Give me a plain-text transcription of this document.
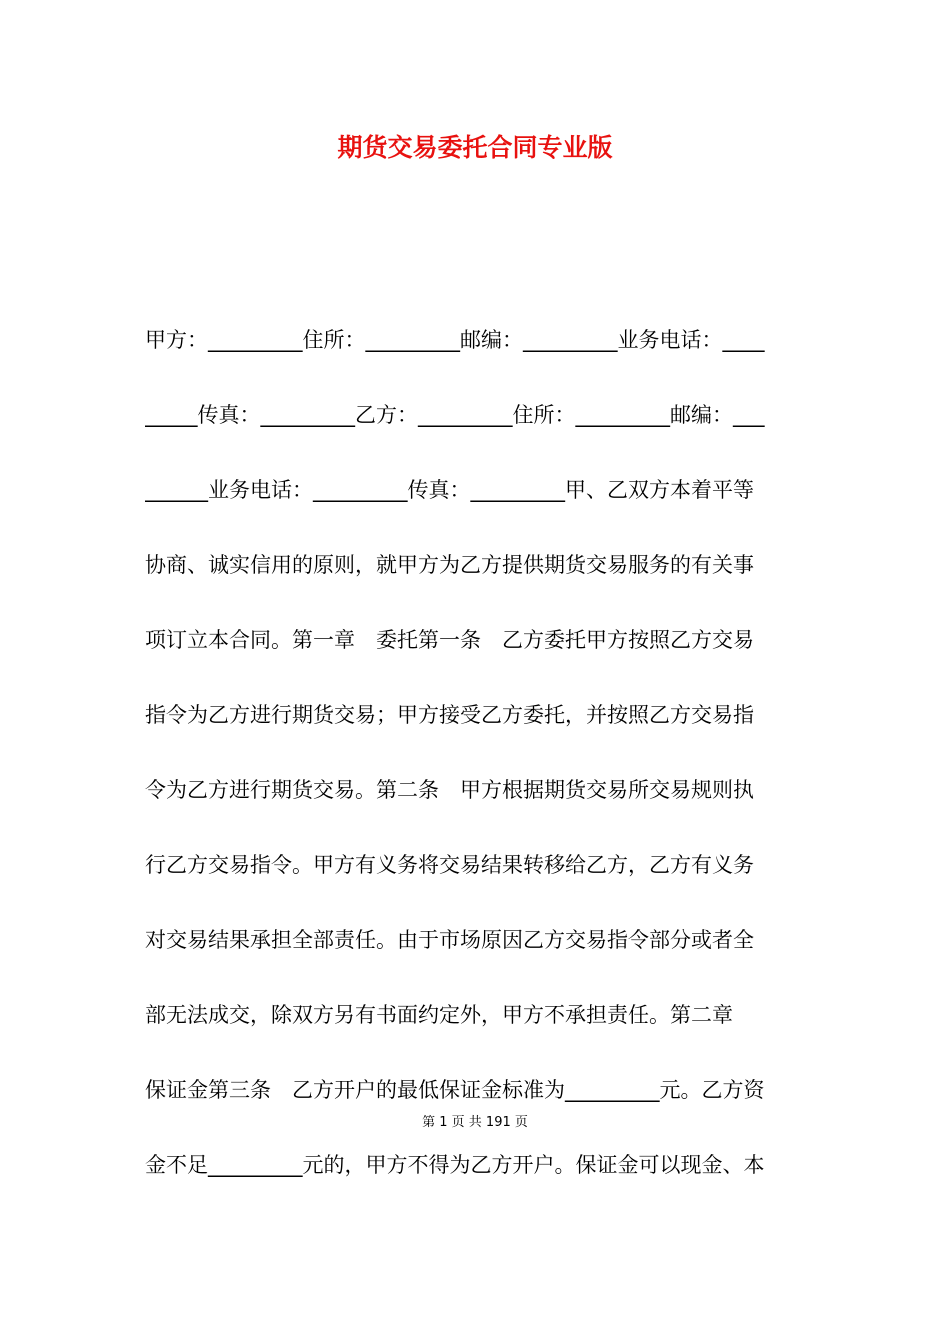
期货交易委托合同专业版
甲方：_________住所：_________邮编：_________业务电话：____
_____传真：_________乙方：_________住所：_________邮编：___
______业务电话：_________传真：_________甲、乙双方本着平等
协商、诚实信用的原则，就甲方为乙方提供期货交易服务的有关事
项订立本合同。第一章　委托第一条　乙方委托甲方按照乙方交易
指令为乙方进行期货交易；甲方接受乙方委托，并按照乙方交易指
令为乙方进行期货交易。第二条　甲方根据期货交易所交易规则执
行乙方交易指令。甲方有义务将交易结果转移给乙方，乙方有义务
对交易结果承担全部责任。由于市场原因乙方交易指令部分或者全
部无法成交，除双方另有书面约定外，甲方不承担责任。第二章
保证金第三条　乙方开户的最低保证金标准为_________元。乙方资
第 1 页 共 191 页
金不足_________元的，甲方不得为乙方开户。保证金可以现金、本
